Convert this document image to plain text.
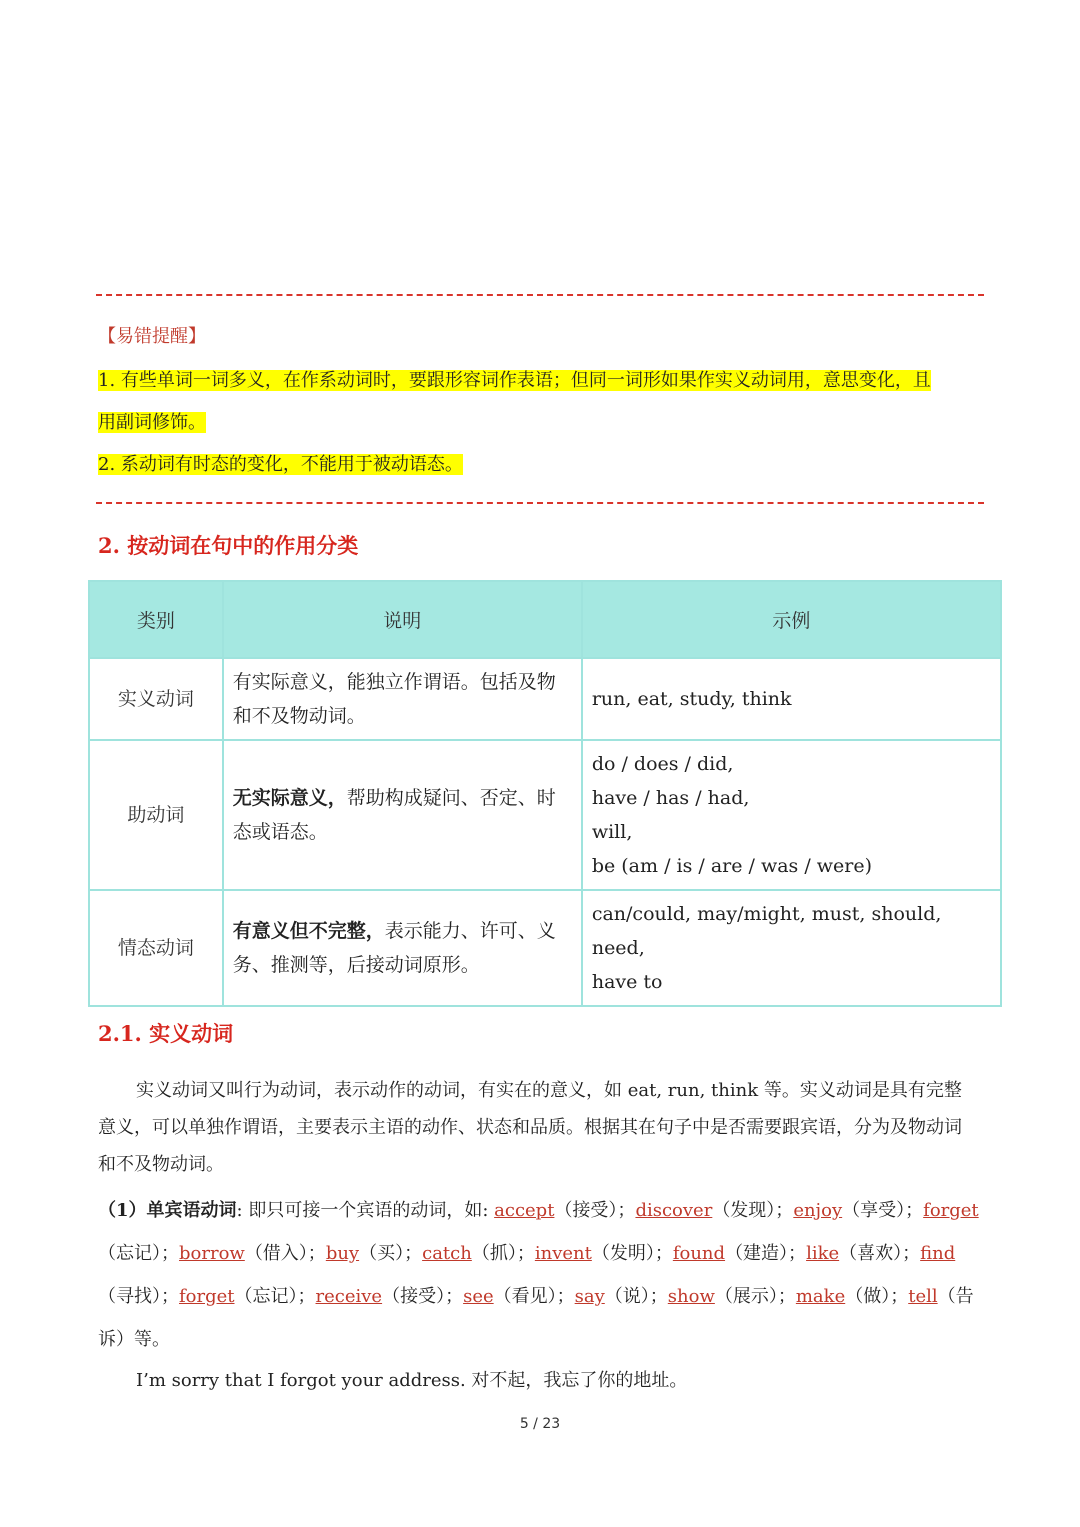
【易错提醒】
1. 有些单词一词多义，在作系动词时，要跟形容词作表语；但同一词形如果作实义动词用，意思变化，且
用副词修饰。
2. 系动词有时态的变化，不能用于被动语态。
2. 按动词在句中的作用分类
类别	说明	示例
实义动词	有实际意义，能独立作谓语。包括及物和不及物动词。	run, eat, study, think

助动词	无实际意义，帮助构成疑问、否定、时态或语态。	do / does / did,
have / has / had,
will,
be (am / is / are / was / were)

情态动词	有意义但不完整，表示能力、许可、义务、推测等，后接动词原形。	can/could, may/might, must, should, need,
have to
2.1. 实义动词
实义动词又叫行为动词，表示动作的动词，有实在的意义，如 eat, run, think 等。实义动词是具有完整意义，可以单独作谓语，主要表示主语的动作、状态和品质。根据其在句子中是否需要跟宾语，分为及物动词和不及物动词。
（1）单宾语动词: 即只可接一个宾语的动词，如: accept（接受）；discover（发现）；enjoy（享受）；forget（忘记）；borrow（借入）；buy（买）；catch（抓）；invent（发明）；found（建造）；like（喜欢）；find（寻找）；forget（忘记）；receive（接受）；see（看见）；say（说）；show（展示）；make（做）；tell（告诉）等。
I’m sorry that I forgot your address. 对不起，我忘了你的地址。
5 / 23
